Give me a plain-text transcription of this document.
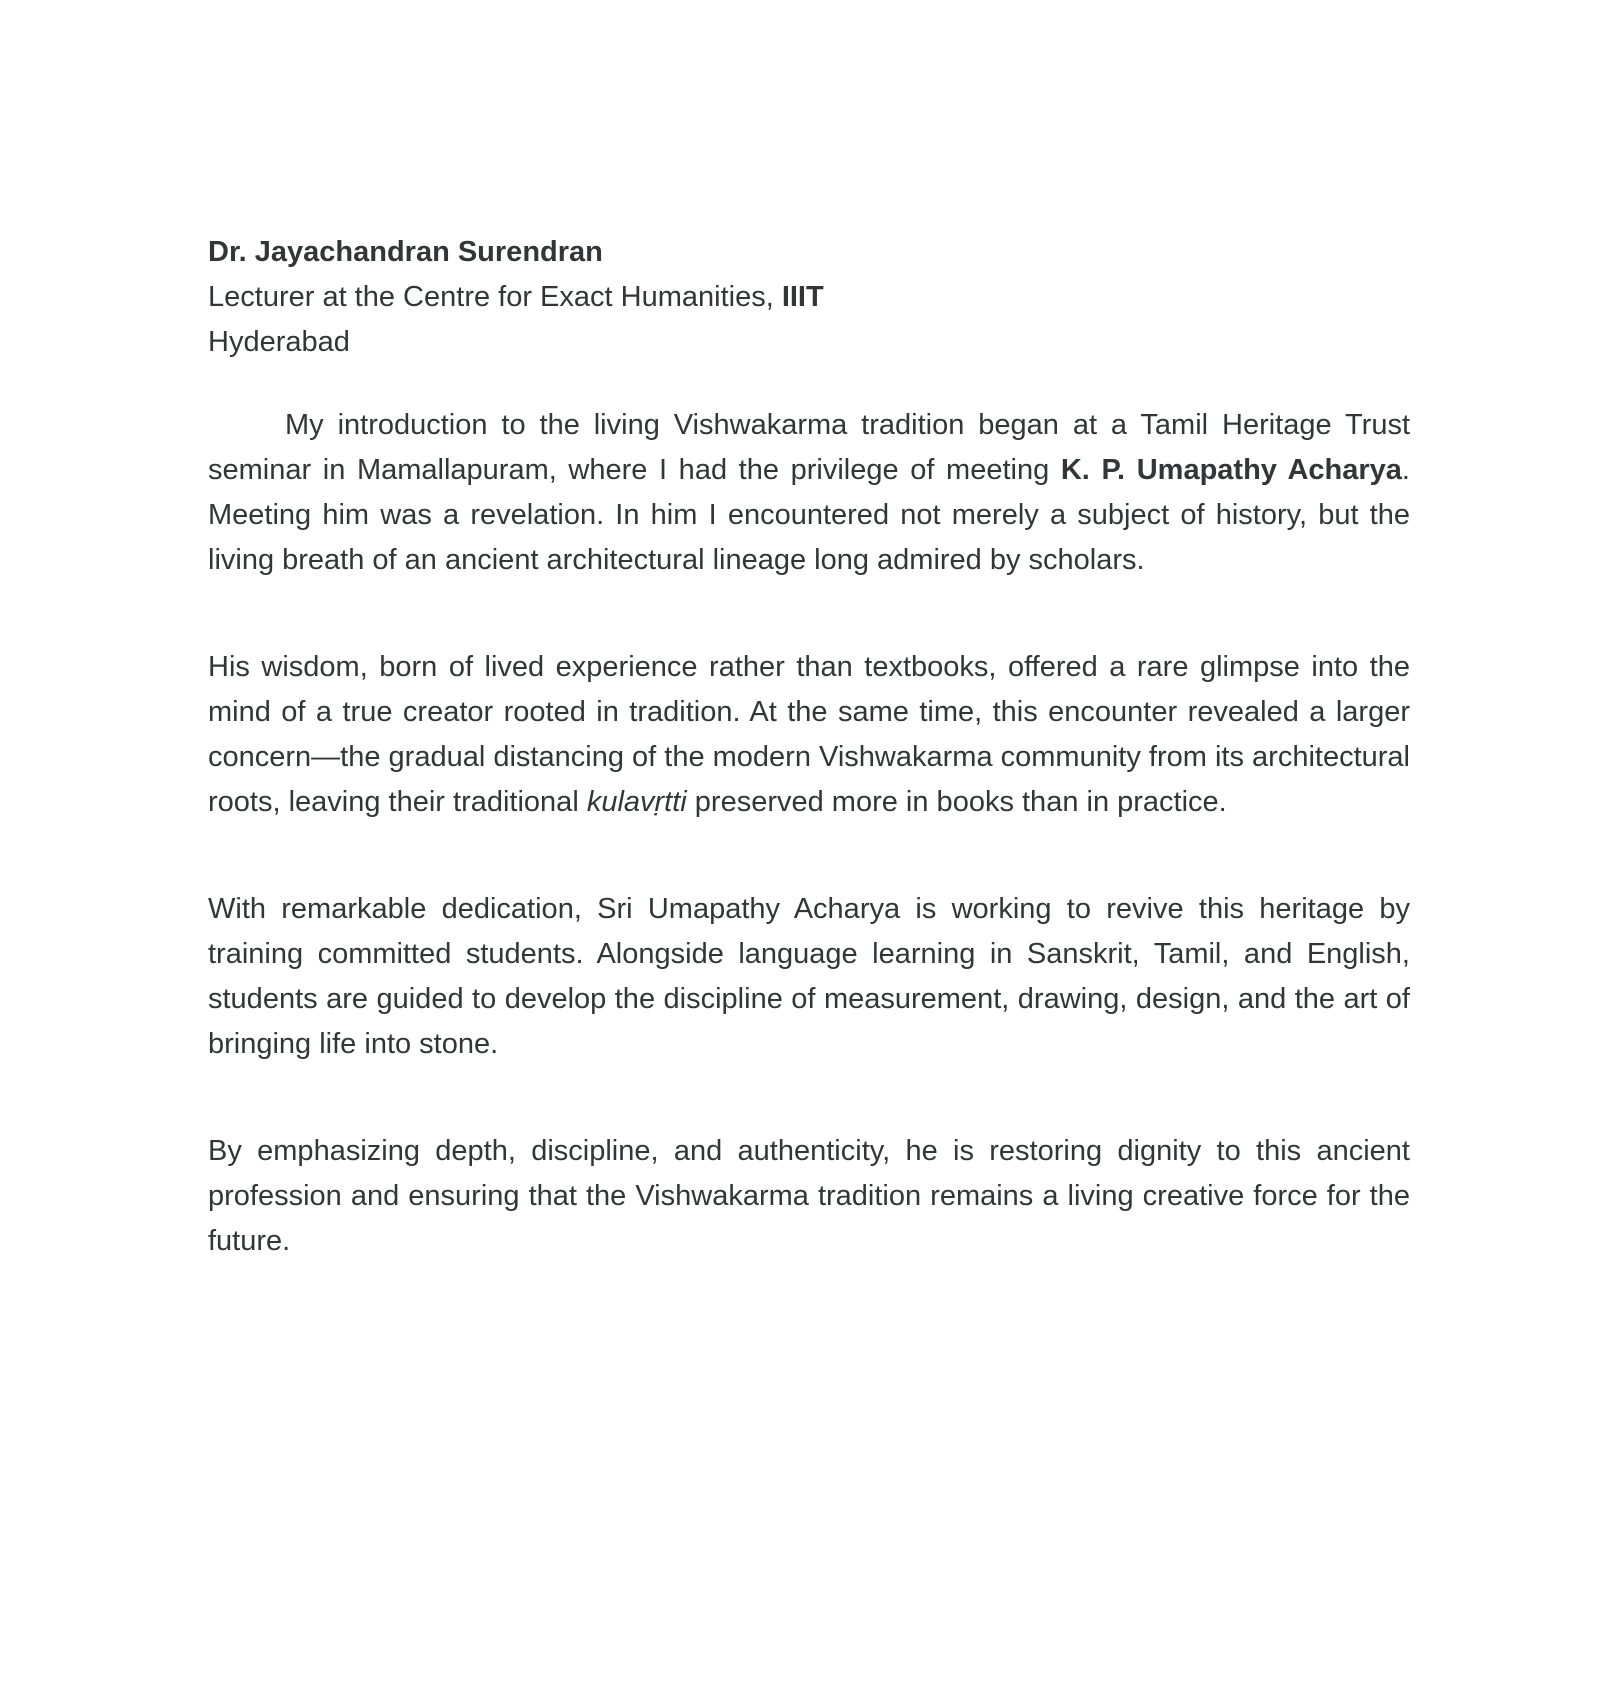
Dr. Jayachandran Surendran

Lecturer at the Centre for Exact Humanities, IIIT

Hyderabad

My introduction to the living Vishwakarma tradition began at a Tamil Heritage Trust seminar in Mamallapuram, where I had the privilege of meeting K. P. Umapathy Acharya. Meeting him was a revelation. In him I encountered not merely a subject of history, but the living breath of an ancient architectural lineage long admired by scholars.

His wisdom, born of lived experience rather than textbooks, offered a rare glimpse into the mind of a true creator rooted in tradition. At the same time, this encounter revealed a larger concern—the gradual distancing of the modern Vishwakarma community from its architectural roots, leaving their traditional kulavṛtti preserved more in books than in practice.

With remarkable dedication, Sri Umapathy Acharya is working to revive this heritage by training committed students. Alongside language learning in Sanskrit, Tamil, and English, students are guided to develop the discipline of measurement, drawing, design, and the art of bringing life into stone.

By emphasizing depth, discipline, and authenticity, he is restoring dignity to this ancient profession and ensuring that the Vishwakarma tradition remains a living creative force for the future.
